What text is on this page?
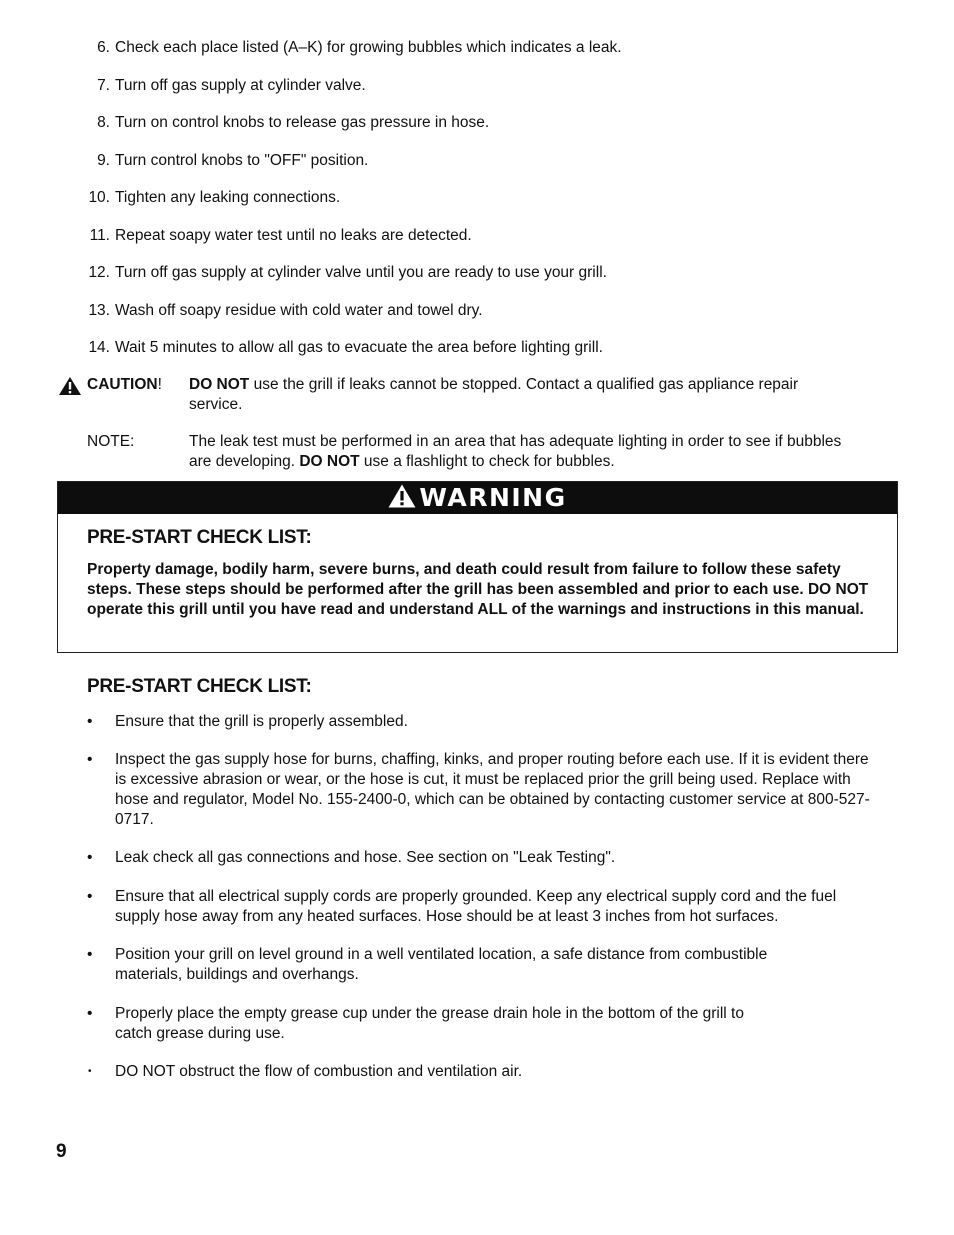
6. Check each place listed (A–K) for growing bubbles which indicates a leak.
7. Turn off gas supply at cylinder valve.
8. Turn on control knobs to release gas pressure in hose.
9. Turn control knobs to "OFF" position.
10. Tighten any leaking connections.
11. Repeat soapy water test until no leaks are detected.
12. Turn off gas supply at cylinder valve until you are ready to use your grill.
13. Wash off soapy residue with cold water and towel dry.
14. Wait 5 minutes to allow all gas to evacuate the area before lighting grill.
CAUTION! DO NOT use the grill if leaks cannot be stopped. Contact a qualified gas appliance repair service.
NOTE:	The leak test must be performed in an area that has adequate lighting in order to see if bubbles are developing. DO NOT use a flashlight to check for bubbles.
WARNING
PRE-START CHECK LIST:
Property damage, bodily harm, severe burns, and death could result from failure to follow these safety steps. These steps should be performed after the grill has been assembled and prior to each use. DO NOT operate this grill until you have read and understand ALL of the warnings and instructions in this manual.
PRE-START CHECK LIST:
• Ensure that the grill is properly assembled.
• Inspect the gas supply hose for burns, chaffing, kinks, and proper routing before each use. If it is evident there is excessive abrasion or wear, or the hose is cut, it must be replaced prior the grill being used. Replace with hose and regulator, Model No. 155-2400-0, which can be obtained by contacting customer service at 800-527-0717.
• Leak check all gas connections and hose. See section on "Leak Testing".
• Ensure that all electrical supply cords are properly grounded. Keep any electrical supply cord and the fuel supply hose away from any heated surfaces. Hose should be at least 3 inches from hot surfaces.
• Position your grill on level ground in a well ventilated location, a safe distance from combustible materials, buildings and overhangs.
• Properly place the empty grease cup under the grease drain hole in the bottom of the grill to catch grease during use.
• DO NOT obstruct the flow of combustion and ventilation air.
9
